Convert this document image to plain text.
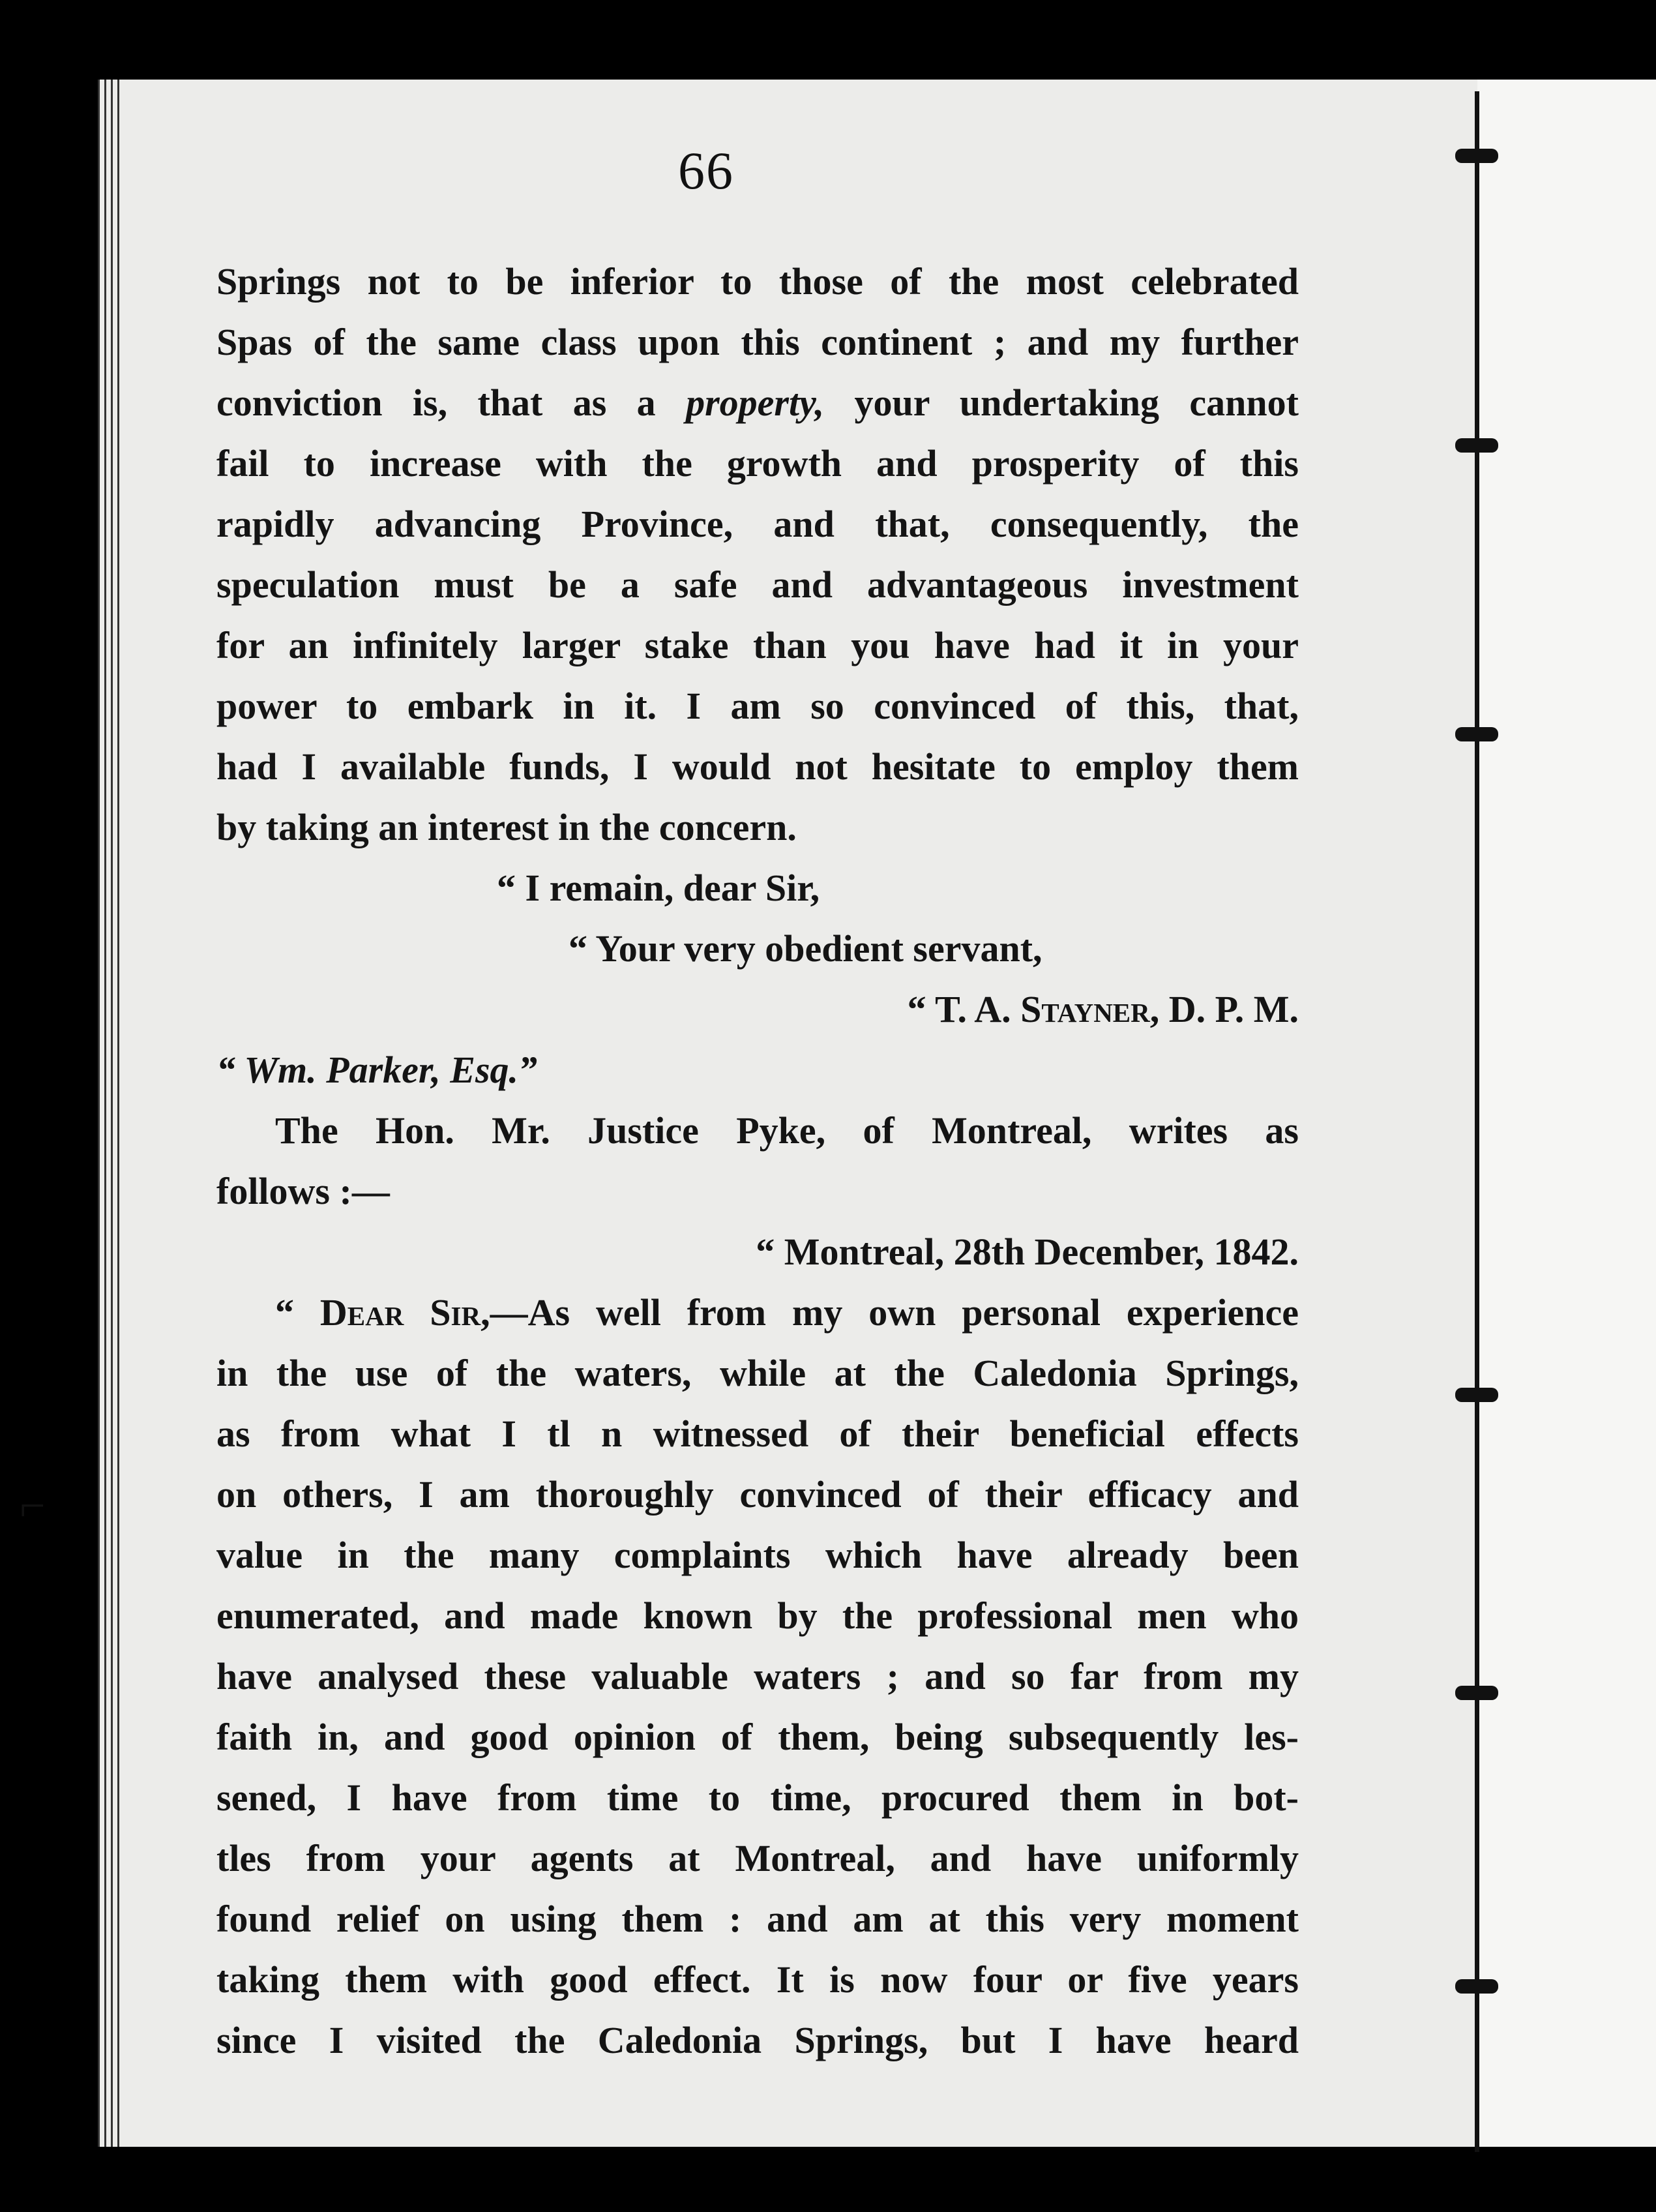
⌐
66
Springs not to be inferior to those of the most celebrated
Spas of the same class upon this continent ; and my further
conviction is, that as a property, your undertaking cannot
fail to increase with the growth and prosperity of this
rapidly advancing Province, and that, consequently, the
speculation must be a safe and advantageous investment
for an infinitely larger stake than you have had it in your
power to embark in it. I am so convinced of this, that,
had I available funds, I would not hesitate to employ them
by taking an interest in the concern.
“ I remain, dear Sir,
“ Your very obedient servant,
“ T. A. Stayner, D. P. M.
“ Wm. Parker, Esq.”
The Hon. Mr. Justice Pyke, of Montreal, writes as
follows :—
“ Montreal, 28th December, 1842.
“ Dear Sir,—As well from my own personal experience
in the use of the waters, while at the Caledonia Springs,
as from what I tl n witnessed of their beneficial effects
on others, I am thoroughly convinced of their efficacy and
value in the many complaints which have already been
enumerated, and made known by the professional men who
have analysed these valuable waters ; and so far from my
faith in, and good opinion of them, being subsequently les-
sened, I have from time to time, procured them in bot-
tles from your agents at Montreal, and have uniformly
found relief on using them : and am at this very moment
taking them with good effect. It is now four or five years
since I visited the Caledonia Springs, but I have heard
